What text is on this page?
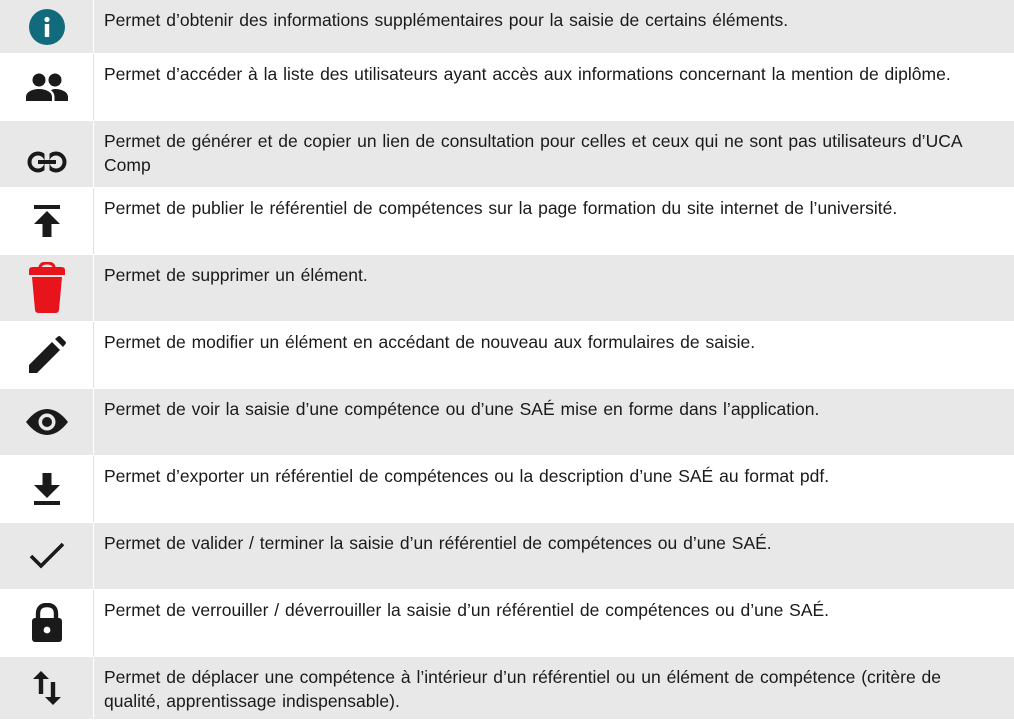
Permet d’obtenir des informations supplémentaires pour la saisie de certains éléments.
Permet d’accéder à la liste des utilisateurs ayant accès aux informations concernant la mention de diplôme.
Permet de générer et de copier un lien de consultation pour celles et ceux qui ne sont pas utilisateurs d’UCA Comp
Permet de publier le référentiel de compétences sur la page formation du site internet de l’université.
Permet de supprimer un élément.
Permet de modifier un élément en accédant de nouveau aux formulaires de saisie.
Permet de voir la saisie d’une compétence ou d’une SAÉ mise en forme dans l’application.
Permet d’exporter un référentiel de compétences ou la description d’une SAÉ au format pdf.
Permet de valider / terminer la saisie d’un référentiel de compétences ou d’une SAÉ.
Permet de verrouiller / déverrouiller la saisie d’un référentiel de compétences ou d’une SAÉ.
Permet de déplacer une compétence à l’intérieur d’un référentiel ou un élément de compétence (critère de qualité, apprentissage indispensable).
